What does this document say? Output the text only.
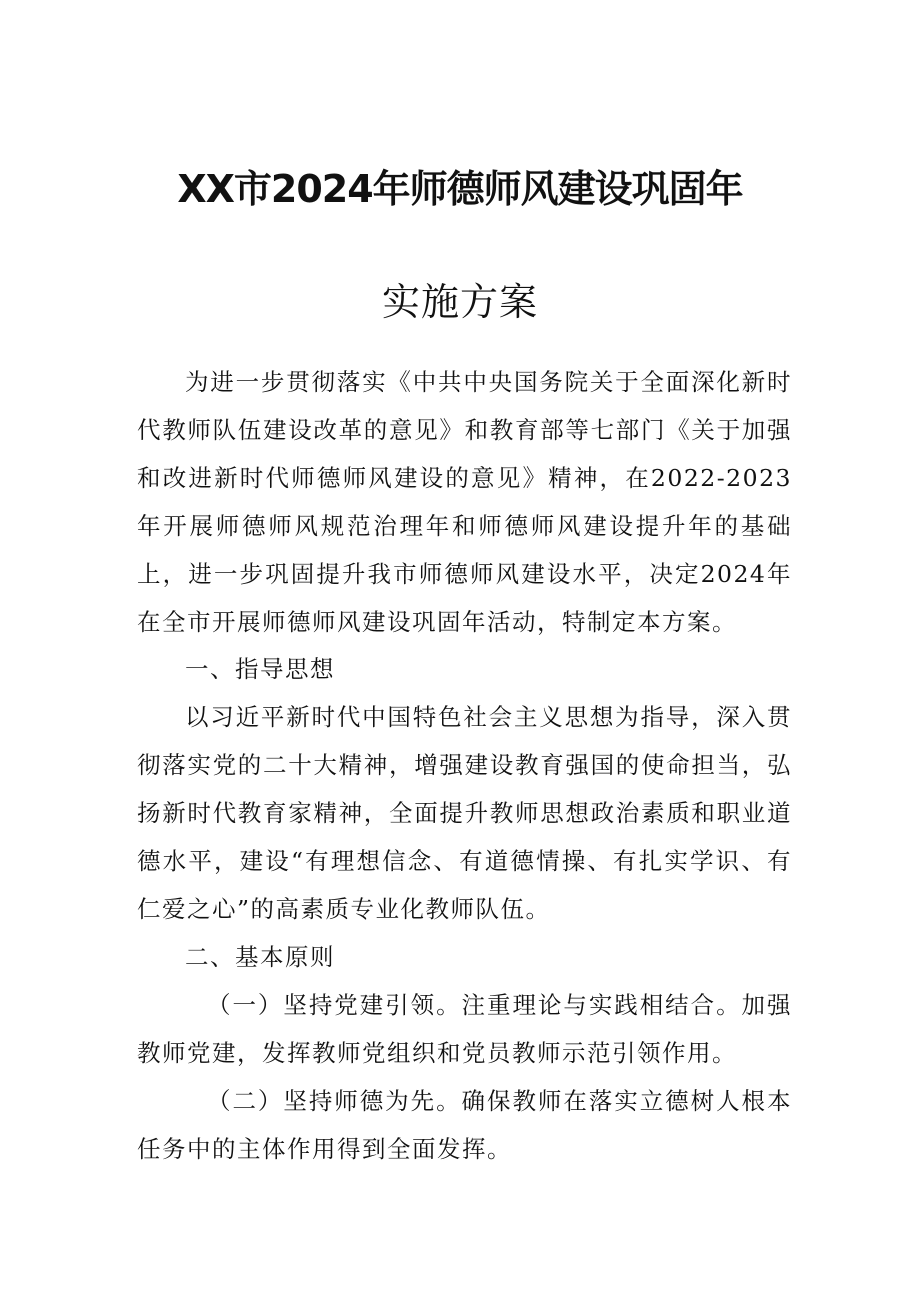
XX市2024年师德师风建设巩固年
实施方案

为进一步贯彻落实《中共中央国务院关于全面深化新时代教师队伍建设改革的意见》和教育部等七部门《关于加强和改进新时代师德师风建设的意见》精神，在2022-2023年开展师德师风规范治理年和师德师风建设提升年的基础上，进一步巩固提升我市师德师风建设水平，决定2024年在全市开展师德师风建设巩固年活动，特制定本方案。

一、指导思想

以习近平新时代中国特色社会主义思想为指导，深入贯彻落实党的二十大精神，增强建设教育强国的使命担当，弘扬新时代教育家精神，全面提升教师思想政治素质和职业道德水平，建设“有理想信念、有道德情操、有扎实学识、有仁爱之心”的高素质专业化教师队伍。

二、基本原则

（一）坚持党建引领。注重理论与实践相结合。加强教师党建，发挥教师党组织和党员教师示范引领作用。

（二）坚持师德为先。确保教师在落实立德树人根本任务中的主体作用得到全面发挥。
